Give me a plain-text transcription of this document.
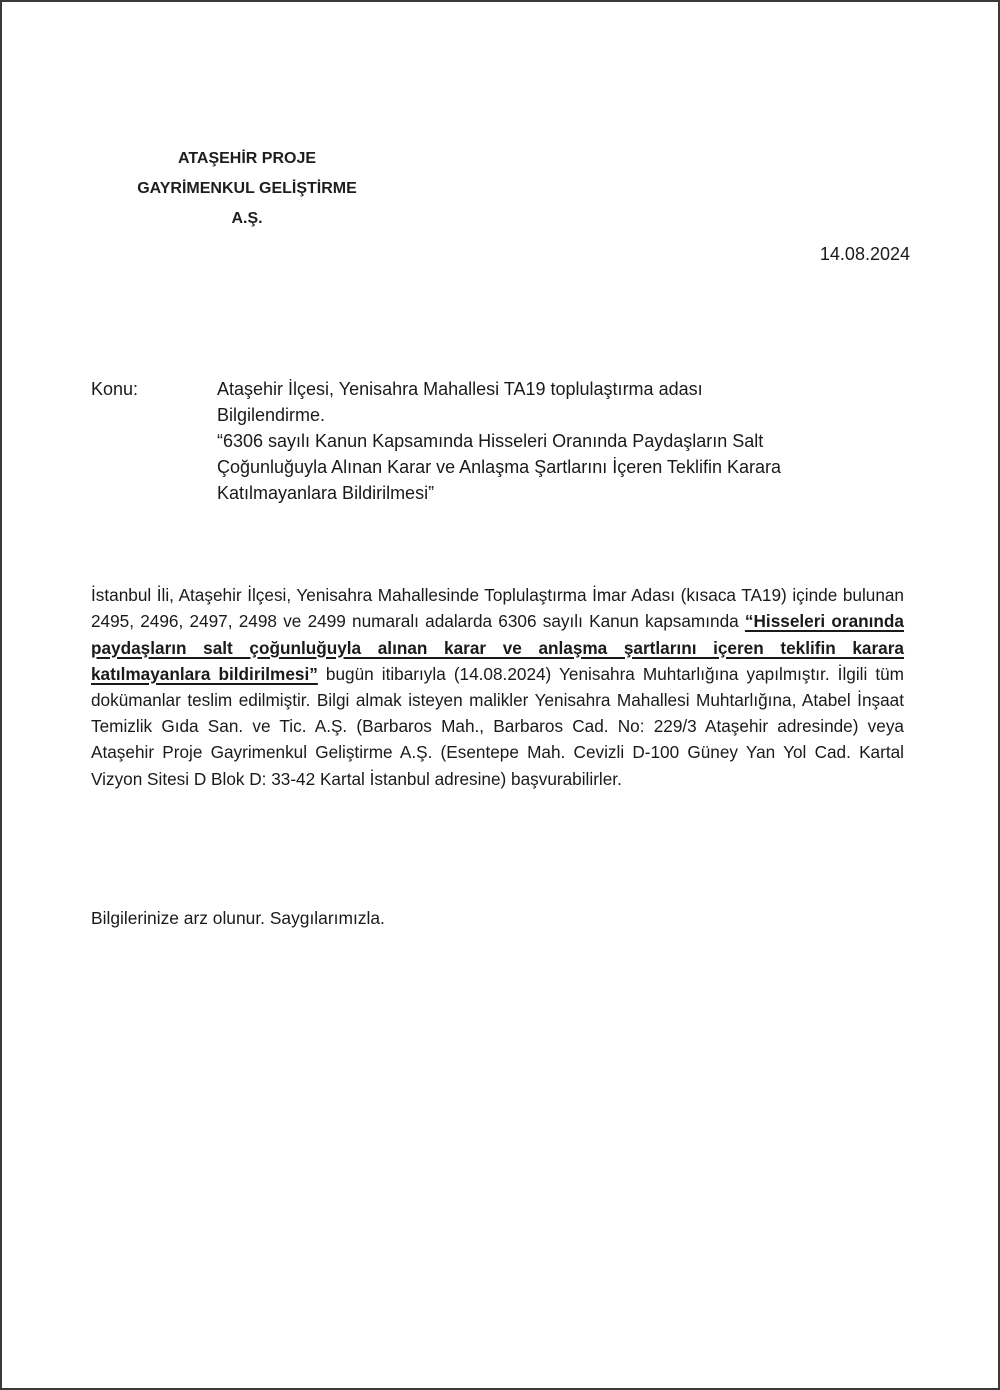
ATAŞEHİR PROJE
GAYRİMENKUL GELİŞTİRME
A.Ş.
14.08.2024
Konu:	Ataşehir İlçesi, Yenisahra Mahallesi TA19 toplulaştırma adası
Bilgilendirme.
“6306 sayılı Kanun Kapsamında Hisseleri Oranında Paydaşların Salt
Çoğunluğuyla Alınan Karar ve Anlaşma Şartlarını İçeren Teklifin Karara
Katılmayanlara Bildirilmesi”

İstanbul İli, Ataşehir İlçesi, Yenisahra Mahallesinde Toplulaştırma İmar Adası (kısaca TA19) içinde bulunan 2495, 2496, 2497, 2498 ve 2499 numaralı adalarda 6306 sayılı Kanun kapsamında “Hisseleri oranında paydaşların salt çoğunluğuyla alınan karar ve anlaşma şartlarını içeren teklifin karara katılmayanlara bildirilmesi” bugün itibarıyla (14.08.2024) Yenisahra Muhtarlığına yapılmıştır. İlgili tüm dokümanlar teslim edilmiştir. Bilgi almak isteyen malikler Yenisahra Mahallesi Muhtarlığına, Atabel İnşaat Temizlik Gıda San. ve Tic. A.Ş. (Barbaros Mah., Barbaros Cad. No: 229/3 Ataşehir adresinde) veya Ataşehir Proje Gayrimenkul Geliştirme A.Ş. (Esentepe Mah. Cevizli D-100 Güney Yan Yol Cad. Kartal Vizyon Sitesi D Blok D: 33-42 Kartal İstanbul adresine) başvurabilirler.

Bilgilerinize arz olunur. Saygılarımızla.
